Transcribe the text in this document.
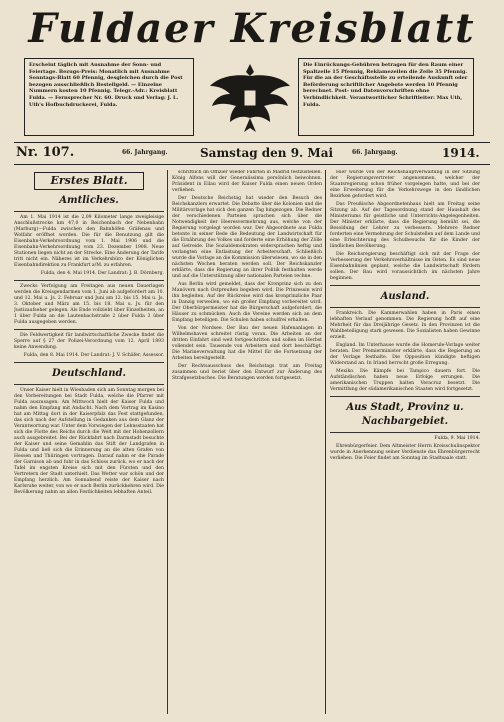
Fuldaer Kreisblatt
Erscheint täglich mit Ausnahme der Sonn- und Feiertage. Bezugs-Preis: Monatlich mit Ausnahme Sonntags-Blatt 60 Pfennig, desgleichen durch die Post bezogen ausschließlich Bestellgeld. — Einzelne Nummern kosten 10 Pfennig. Telegr.-Adr.: Kreisblatt Fulda. — Fernsprecher Nr. 60. Druck und Verlag: J. L. Uth's Hofbuchdruckerei, Fulda.
Die Einrückungs-Gebühren betragen für den Raum einer Spaltzeile 15 Pfennig, Reklamezeilen die Zeile 35 Pfennig. Für die an der Geschäftsstelle zu erteilende Auskunft oder Beförderung schriftlicher Angebote werden 10 Pfennig berechnet. Post- und Datenvorschriften ohne Verbindlichkeit. Verantwortlicher Schriftleiter: Max Uth, Fulda.
Nr. 107.	66. Jahrgang.	Samstag den 9. Mai	66. Jahrgang.	1914.
Erstes Blatt.
Amtliches.

Am 1. Mai 1914 ist die 2,09 Kilometer lange zweigleisige Anschlußstrecke km 47,0 in Reichenbach der Nebenbahn (Marburg)—Fulda zwischen den Bahnhöfen Gräfenau und Wolfahr eröffnet worden. Die für die Benutzung gilt die Eisenbahn-Verkehrsordnung vom 1. Mai 1906 und die Eisenbahn-Verkehrsordnung vom 23. Dezember 1908. Neue Stationen liegen nicht an der Strecke. Eine Änderung der Tarife tritt nicht ein. Näheres ist im Verkehrsbüro der Königlichen Eisenbahndirektion zu Frankfurt a/M. zu erfahren.

Fulda, den 4. Mai 1914. Der Landrat: J. B. Dörnberg.

Zwecks Verfolgung am Freitagen aus neuen Dauerlagen werden die Kreisgendarmen vom 1. Juni ab aufgefordert am 10. und 12. Mai u. Js. 2. Februar und Juni am 12. bis 15. Mai u. Js. 3. Oktober und März am 15. bis 18. Mai u. Js. für den Justizaufseher gelegen. Als Ende vollzieht über Einzelheiten, an 1 über Fulda an die Lautenbachstraße 2 über Fulda 3 über Fulda ausgegeben werden.

Die Feldwertigkeit für landwirtschaftliche Zwecke findet die Sperre auf § 27 der Polizei-Verordnung vom 12. April 1893 keine Anwendung.

Fulda, den 8. Mai 1914. Der Landrat: J. V. Schäfer, Assessor.

Deutschland.

Unser Kaiser hielt in Wiesbaden sich am Sonntag morgen bei den Vorbereitungen bei Stadt Fulda, welche die Pfarrer mit Fulda auszusagen. Am Mittwoch hielt der Kaiser Fulda und nahm den Empfang mit Andacht. Nach dem Vortrag im Kasino hat am Mittag dort in der Kaiserpfalz das Fest stattgefunden, das sich nach der Aufstellung in Gedanken aus dem Glanz der Verantwortung war. Unter dem Vorwiegen der Lehnsstaaten hat sich die Flotte des Reichs durch die Welt mit der Hohenzollern auch ausgebreitet. Bei der Rückfahrt nach Darmstadt besuchte der Kaiser und seine Gemahlin das Stift der Landgrafen in Fulda und ließ sich die Erinnerung an die alten Grafen von Hessen und Thüringen vortragen. Darauf nahm er die Parade der Garnison ab und fuhr in das Schloss zurück, wo er nach der Tafel im engsten Kreise sich mit den Fürsten und den Vertretern der Stadt unterhielt. Das Wetter war schön und der Empfang herzlich. Am Sonnabend reiste der Kaiser nach Karlsruhe weiter, von wo er nach Berlin zurückkehren wird. Die Bevölkerung nahm an allen Festlichkeiten lebhaften Anteil.

schriftlich im Offizier wieder Fahrten in Madrid festzustellen. König Alfons will der Generalissima persönlich beiwohnen. Präsident in Eilau wird der Kaiser Fulda einen neuen Orden verliehen.

Der Deutsche Reichstag hat wieder den Besuch des Reichskanzlers erwartet. Die Debatte über die Kolonien und die Militärvorlage hat sich den ganzen Tag hingezogen. Die Redner der verschiedenen Parteien sprachen sich über die Notwendigkeit der Heeresvermehrung aus, welche von der Regierung vorgelegt worden war. Der Abgeordnete aus Fulda betonte in seiner Rede die Bedeutung der Landwirtschaft für die Ernährung des Volkes und forderte eine Erhöhung der Zölle auf Getreide. Die Sozialdemokraten widersprachen heftig und verlangten eine Entlastung der Arbeiterschaft. Schließlich wurde die Vorlage an die Kommission überwiesen, wo sie in den nächsten Wochen beraten werden soll. Der Reichskanzler erklärte, dass die Regierung an ihrer Politik festhalten werde und auf die Unterstützung aller nationalen Parteien rechne.

Aus Berlin wird gemeldet, dass der Kronprinz sich zu den Manövern nach Ostpreußen begeben wird. Die Prinzessin wird ihn begleiten. Auf der Rückreise wird das kronprinzliche Paar in Danzig verweilen, wo ein großer Empfang vorbereitet wird. Der Oberbürgermeister hat die Bürgerschaft aufgefordert, die Häuser zu schmücken. Auch die Vereine werden sich an dem Empfang beteiligen. Die Schulen haben schulfrei erhalten.

Von der Nordsee. Der Bau der neuen Hafenanlagen in Wilhelmshaven schreitet rüstig voran. Die Arbeiten an der dritten Einfahrt sind weit fortgeschritten und sollen im Herbst vollendet sein. Tausende von Arbeitern sind dort beschäftigt. Die Marineverwaltung hat die Mittel für die Fortsetzung der Arbeiten bereitgestellt.

Der Rechtsausschuss des Reichstags trat am Freitag zusammen und beriet über den Entwurf zur Änderung des Strafgesetzbuches. Die Beratungen werden fortgesetzt.

Hier wurde von der Reichshauptverwaltung in der Sitzung der Regierungsvertreter angenommen, welcher der Staatsregierung schon früher vorgelegen hatte, und bei der eine Erweiterung für die Verkehrswege in den ländlichen Bezirken gefordert wird.

Das Preußische Abgeordnetenhaus hielt am Freitag seine Sitzung ab. Auf der Tagesordnung stand der Haushalt des Ministeriums für geistliche und Unterrichts-Angelegenheiten. Der Minister erklärte, dass die Regierung bemüht sei, die Besoldung der Lehrer zu verbessern. Mehrere Redner forderten eine Vermehrung der Schulstellen auf dem Lande und eine Erleichterung des Schulbesuchs für die Kinder der ländlichen Bevölkerung.

Die Reichsregierung beschäftigt sich mit der Frage der Verbesserung der Verkehrsverhältnisse im Osten. Es sind neue Eisenbahnlinien geplant, welche die Landwirtschaft fördern sollen. Der Bau wird voraussichtlich im nächsten Jahre beginnen.

Ausland.

Frankreich. Die Kammerwahlen haben in Paris einen lebhaften Verlauf genommen. Die Regierung hofft auf eine Mehrheit für das Dreijährige Gesetz. In den Provinzen ist die Wahlbeteiligung stark gewesen. Die Sozialisten haben Gewinne erzielt.

England. Im Unterhause wurde die Homerule-Vorlage weiter beraten. Der Premierminister erklärte, dass die Regierung an der Vorlage festhalte. Die Opposition kündigte heftigen Widerstand an. In Irland herrscht große Erregung.

Mexiko. Die Kämpfe bei Tampico dauern fort. Die Aufständischen haben neue Erfolge errungen. Die amerikanischen Truppen halten Veracruz besetzt. Die Vermittlung der südamerikanischen Staaten wird fortgesetzt.

Aus Stadt, Provinz u. Nachbargebiet.

Fulda, 9. Mai 1914.

Ehrenbürgerfeier. Dem Altmeister Herrn Kreisschulinspektor wurde in Anerkennung seiner Verdienste das Ehrenbürgerrecht verliehen. Die Feier findet am Sonntag im Stadtsaale statt.
